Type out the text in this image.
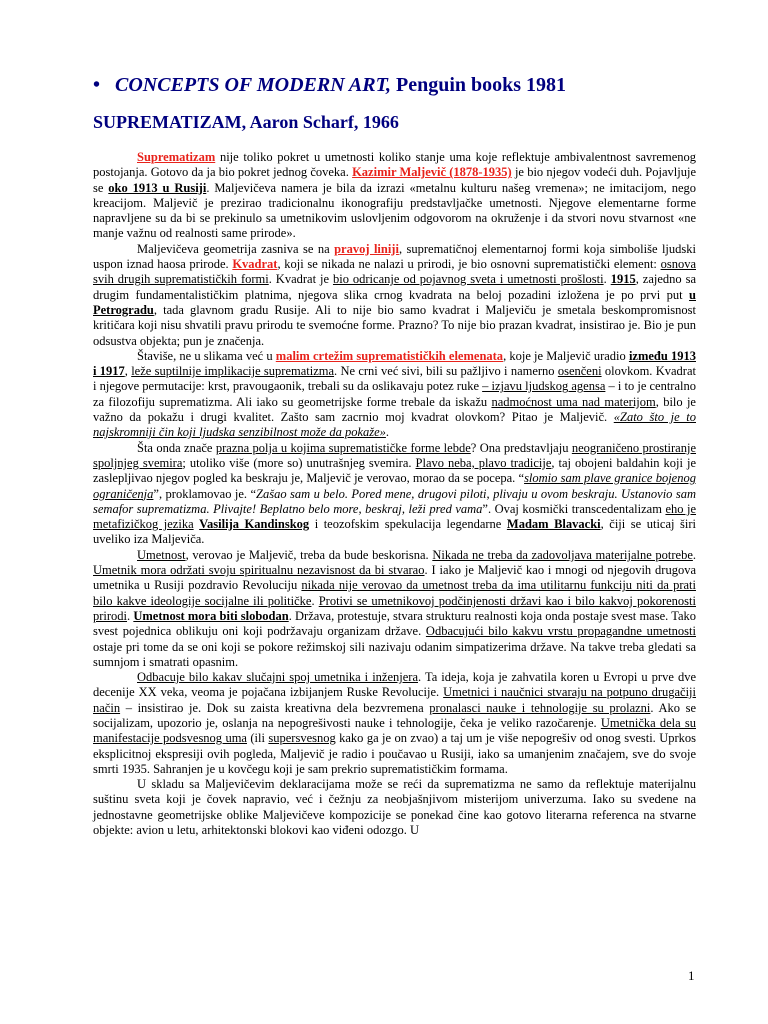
• CONCEPTS OF MODERN ART, Penguin books 1981
SUPREMATIZAM, Aaron Scharf, 1966

Suprematizam nije toliko pokret u umetnosti koliko stanje uma koje reflektuje ambivalentnost savremenog postojanja. Gotovo da ja bio pokret jednog čoveka. Kazimir Maljevič (1878-1935) je bio njegov vodeći duh. Pojavljuje se oko 1913 u Rusiji. Maljevičeva namera je bila da izrazi «metalnu kulturu našeg vremena»; ne imitacijom, nego kreacijom. Maljevič je prezirao tradicionalnu ikonografiju predstavljačke umetnosti. Njegove elementarne forme napravljene su da bi se prekinulo sa umetnikovim uslovljenim odgovorom na okruženje i da stvori novu stvarnost «ne manje važnu od realnosti same prirode».

Maljevičeva geometrija zasniva se na pravoj liniji, suprematičnoj elementarnoj formi koja simboliše ljudski uspon iznad haosa prirode. Kvadrat, koji se nikada ne nalazi u prirodi, je bio osnovni suprematistički element: osnova svih drugih suprematističkih formi. Kvadrat je bio odricanje od pojavnog sveta i umetnosti prošlosti. 1915, zajedno sa drugim fundamentalističkim platnima, njegova slika crnog kvadrata na beloj pozadini izložena je po prvi put u Petrogradu, tada glavnom gradu Rusije. Ali to nije bio samo kvadrat i Maljeviču je smetala beskompromisnost kritičara koji nisu shvatili pravu prirodu te svemoćne forme. Prazno? To nije bio prazan kvadrat, insistirao je. Bio je pun odsustva objekta; pun je značenja.

Štaviše, ne u slikama već u malim crtežim suprematističkih elemenata, koje je Maljevič uradio između 1913 i 1917, leže suptilnije implikacije suprematizma. Ne crni već sivi, bili su pažljivo i namerno osenčeni olovkom. Kvadrat i njegove permutacije: krst, pravougaonik, trebali su da oslikavaju potez ruke – izjavu ljudskog agensa – i to je centralno za filozofiju suprematizma. Ali iako su geometrijske forme trebale da iskažu nadmoćnost uma nad materijom, bilo je važno da pokažu i drugi kvalitet. Zašto sam zacrnio moj kvadrat olovkom? Pitao je Maljevič. «Zato što je to najskromniji čin koji ljudska senzibilnost može da pokaže».

Šta onda znače prazna polja u kojima suprematističke forme lebde? Ona predstavljaju neograničeno prostiranje spoljnjeg svemira; utoliko više (more so) unutrašnjeg svemira. Plavo neba, plavo tradicije, taj obojeni baldahin koji je zaslepljivao njegov pogled ka beskraju je, Maljevič je verovao, morao da se pocepa. “slomio sam plave granice bojenog ograničenja”, proklamovao je. “Zašao sam u belo. Pored mene, drugovi piloti, plivaju u ovom beskraju. Ustanovio sam semafor suprematizma. Plivajte! Beplatno belo more, beskraj, leži pred vama”. Ovaj kosmički transcedentalizam eho je metafizičkog jezika Vasilija Kandinskog i teozofskim spekulacija legendarne Madam Blavacki, čiji se uticaj širi uveliko iza Maljeviča.

Umetnost, verovao je Maljevič, treba da bude beskorisna. Nikada ne treba da zadovoljava materijalne potrebe. Umetnik mora održati svoju spiritualnu nezavisnost da bi stvarao. I iako je Maljevič kao i mnogi od njegovih drugova umetnika u Rusiji pozdravio Revoluciju nikada nije verovao da umetnost treba da ima utilitarnu funkciju niti da prati bilo kakve ideologije socijalne ili političke. Protivi se umetnikovoj podčinjenosti državi kao i bilo kakvoj pokorenosti prirodi. Umetnost mora biti slobodan. Država, protestuje, stvara strukturu realnosti koja onda postaje svest mase. Tako svest pojednica oblikuju oni koji podržavaju organizam države. Odbacujući bilo kakvu vrstu propagandne umetnosti ostaje pri tome da se oni koji se pokore režimskoj sili nazivaju odanim simpatizerima države. Na takve treba gledati sa sumnjom i smatrati opasnim.

Odbacuje bilo kakav slučajni spoj umetnika i inženjera. Ta ideja, koja je zahvatila koren u Evropi u prve dve decenije XX veka, veoma je pojačana izbijanjem Ruske Revolucije. Umetnici i naučnici stvaraju na potpuno drugačiji način – insistirao je. Dok su zaista kreativna dela bezvremena pronalasci nauke i tehnologije su prolazni. Ako se socijalizam, upozorio je, oslanja na nepogrešivosti nauke i tehnologije, čeka je veliko razočarenje. Umetnička dela su manifestacije podsvesnog uma (ili supersvesnog kako ga je on zvao) a taj um je više nepogrešiv od onog svesti. Uprkos eksplicitnoj ekspresiji ovih pogleda, Maljevič je radio i poučavao u Rusiji, iako sa umanjenim značajem, sve do svoje smrti 1935. Sahranjen je u kovčegu koji je sam prekrio suprematističkim formama.

U skladu sa Maljevičevim deklaracijama može se reći da suprematizma ne samo da reflektuje materijalnu suštinu sveta koji je čovek napravio, već i čežnju za neobjašnjivom misterijom univerzuma. Iako su svedene na jednostavne geometrijske oblike Maljevičeve kompozicije se ponekad čine kao gotovo literarna referenca na stvarne objekte: avion u letu, arhitektonski blokovi kao viđeni odozgo. U

1
